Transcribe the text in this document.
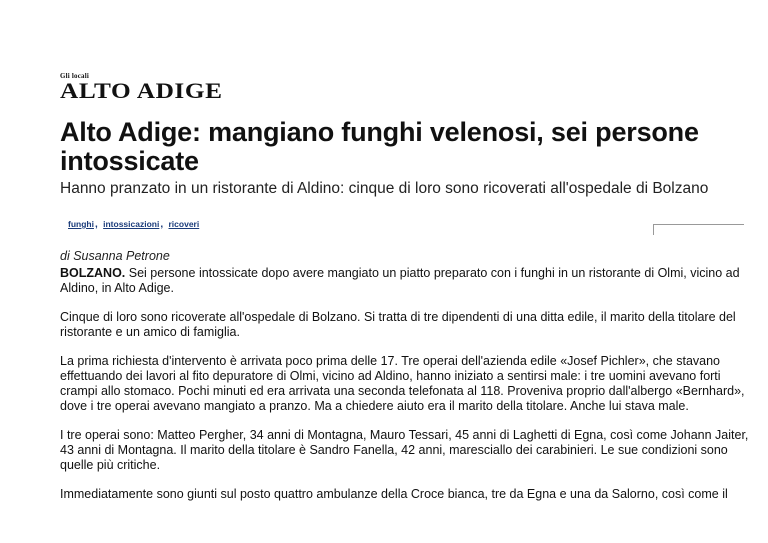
Gli locali
ALTO ADIGE
Alto Adige: mangiano funghi velenosi, sei persone intossicate

Hanno pranzato in un ristorante di Aldino: cinque di loro sono ricoverati all'ospedale di Bolzano

funghi, intossicazioni, ricoveri
di Susanna Petrone

BOLZANO. Sei persone intossicate dopo avere mangiato un piatto preparato con i funghi in un ristorante di Olmi, vicino ad Aldino, in Alto Adige.

Cinque di loro sono ricoverate all'ospedale di Bolzano. Si tratta di tre dipendenti di una ditta edile, il marito della titolare del ristorante e un amico di famiglia.

La prima richiesta d'intervento è arrivata poco prima delle 17. Tre operai dell'azienda edile «Josef Pichler», che stavano effettuando dei lavori al fito depuratore di Olmi, vicino ad Aldino, hanno iniziato a sentirsi male: i tre uomini avevano forti crampi allo stomaco. Pochi minuti ed era arrivata una seconda telefonata al 118. Proveniva proprio dall'albergo «Bernhard», dove i tre operai avevano mangiato a pranzo. Ma a chiedere aiuto era il marito della titolare. Anche lui stava male.

I tre operai sono: Matteo Pergher, 34 anni di Montagna, Mauro Tessari, 45 anni di Laghetti di Egna, così come Johann Jaiter, 43 anni di Montagna. Il marito della titolare è Sandro Fanella, 42 anni, maresciallo dei carabinieri. Le sue condizioni sono quelle più critiche.

Immediatamente sono giunti sul posto quattro ambulanze della Croce bianca, tre da Egna e una da Salorno, così come il
